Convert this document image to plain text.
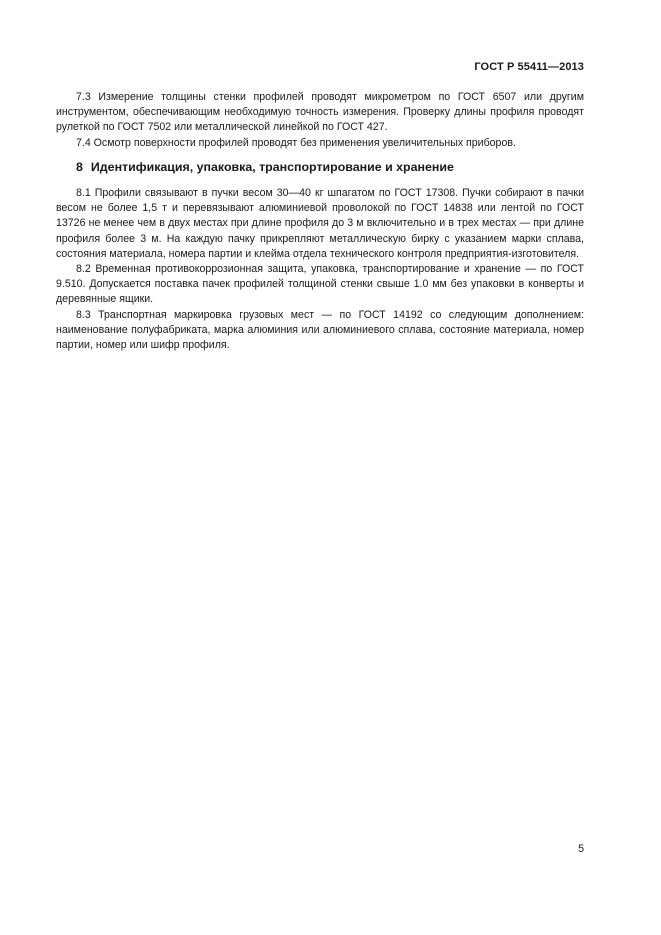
ГОСТ Р 55411—2013

7.3 Измерение толщины стенки профилей проводят микрометром по ГОСТ 6507 или другим инструментом, обеспечивающим необходимую точность измерения. Проверку длины профиля проводят рулеткой по ГОСТ 7502 или металлической линейкой по ГОСТ 427.

7.4 Осмотр поверхности профилей проводят без применения увеличительных приборов.

8 Идентификация, упаковка, транспортирование и хранение

8.1 Профили связывают в пучки весом 30—40 кг шпагатом по ГОСТ 17308. Пучки собирают в пачки весом не более 1,5 т и перевязывают алюминиевой проволокой по ГОСТ 14838 или лентой по ГОСТ 13726 не менее чем в двух местах при длине профиля до 3 м включительно и в трех местах — при длине профиля более 3 м. На каждую пачку прикрепляют металлическую бирку с указанием марки сплава, состояния материала, номера партии и клейма отдела технического контроля предприятия-изготовителя.

8.2 Временная противокоррозионная защита, упаковка, транспортирование и хранение — по ГОСТ 9.510. Допускается поставка пачек профилей толщиной стенки свыше 1.0 мм без упаковки в конверты и деревянные ящики.

8.3 Транспортная маркировка грузовых мест — по ГОСТ 14192 со следующим дополнением: наименование полуфабриката, марка алюминия или алюминиевого сплава, состояние материала, номер партии, номер или шифр профиля.

5
